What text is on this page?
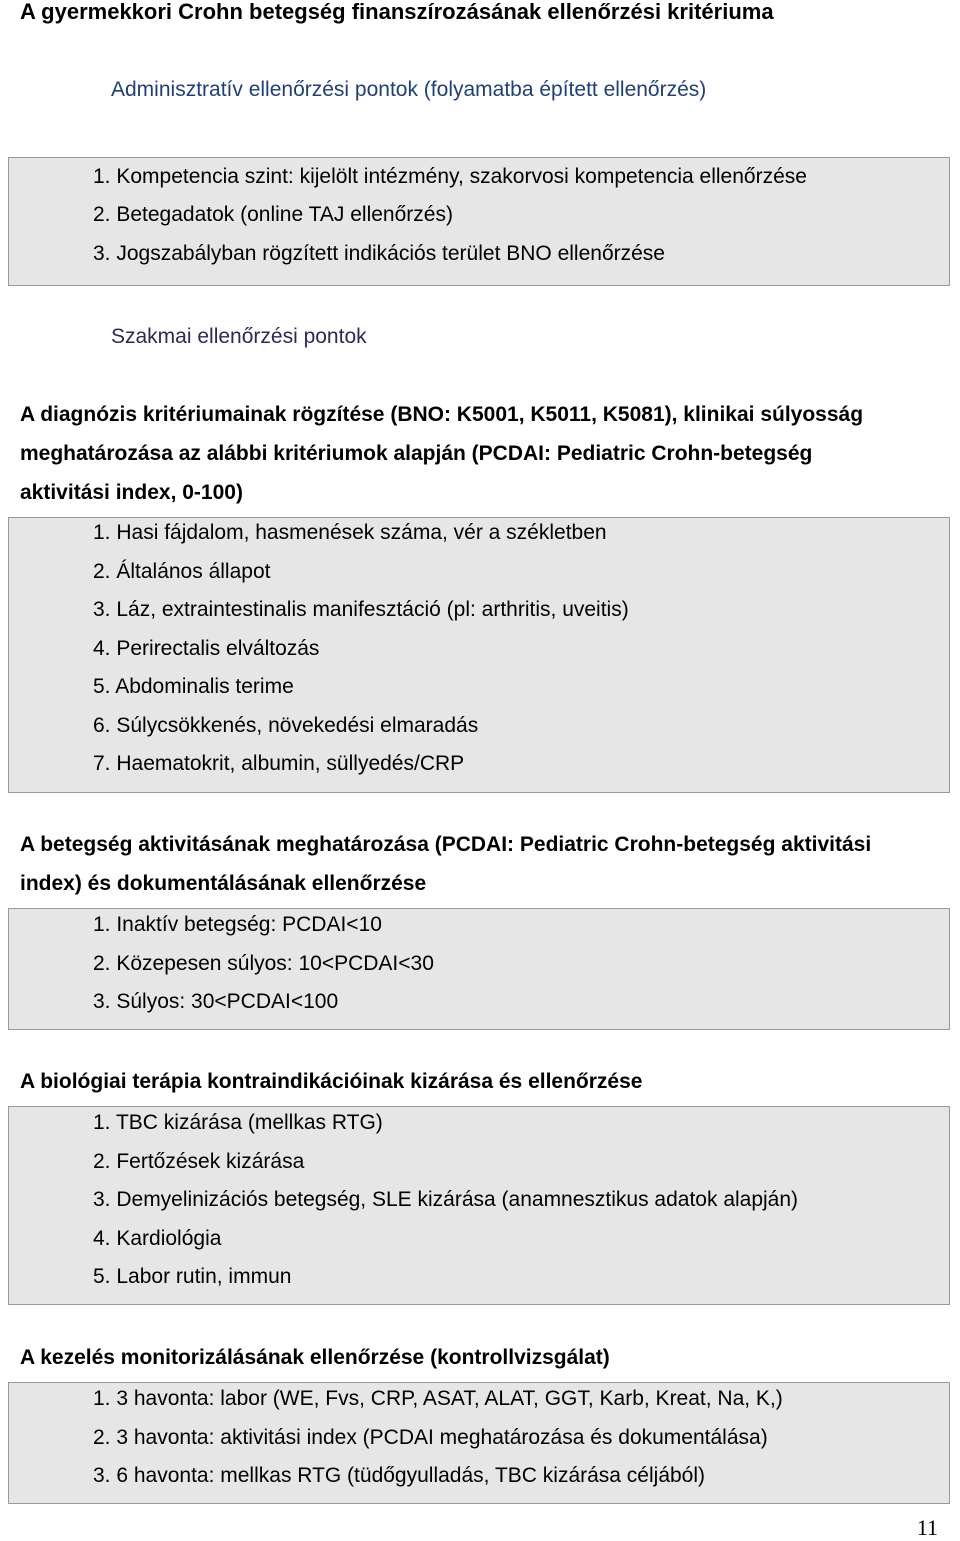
A gyermekkori Crohn betegség finanszírozásának ellenőrzési kritériuma
Adminisztratív ellenőrzési pontok (folyamatba épített ellenőrzés)
1. Kompetencia szint: kijelölt intézmény, szakorvosi kompetencia ellenőrzése
2. Betegadatok (online TAJ ellenőrzés)
3. Jogszabályban rögzített indikációs terület BNO ellenőrzése
Szakmai ellenőrzési pontok
A diagnózis kritériumainak rögzítése (BNO: K5001, K5011, K5081), klinikai súlyosság
meghatározása az alábbi kritériumok alapján (PCDAI: Pediatric Crohn-betegség
aktivitási index, 0-100)
1. Hasi fájdalom, hasmenések száma, vér a székletben
2. Általános állapot
3. Láz, extraintestinalis manifesztáció (pl: arthritis, uveitis)
4. Perirectalis elváltozás
5. Abdominalis terime
6. Súlycsökkenés, növekedési elmaradás
7. Haematokrit, albumin, süllyedés/CRP
A betegség aktivitásának meghatározása (PCDAI: Pediatric Crohn-betegség aktivitási
index) és dokumentálásának ellenőrzése
1. Inaktív betegség: PCDAI<10
2. Közepesen súlyos: 10<PCDAI<30
3. Súlyos: 30<PCDAI<100
A biológiai terápia kontraindikációinak kizárása és ellenőrzése
1. TBC kizárása (mellkas RTG)
2. Fertőzések kizárása
3. Demyelinizációs betegség, SLE kizárása (anamnesztikus adatok alapján)
4. Kardiológia
5. Labor rutin, immun
A kezelés monitorizálásának ellenőrzése (kontrollvizsgálat)
1. 3 havonta: labor (WE, Fvs, CRP, ASAT, ALAT, GGT, Karb, Kreat, Na, K,)
2. 3 havonta: aktivitási index (PCDAI meghatározása és dokumentálása)
3. 6 havonta: mellkas RTG (tüdőgyulladás, TBC kizárása céljából)
11
